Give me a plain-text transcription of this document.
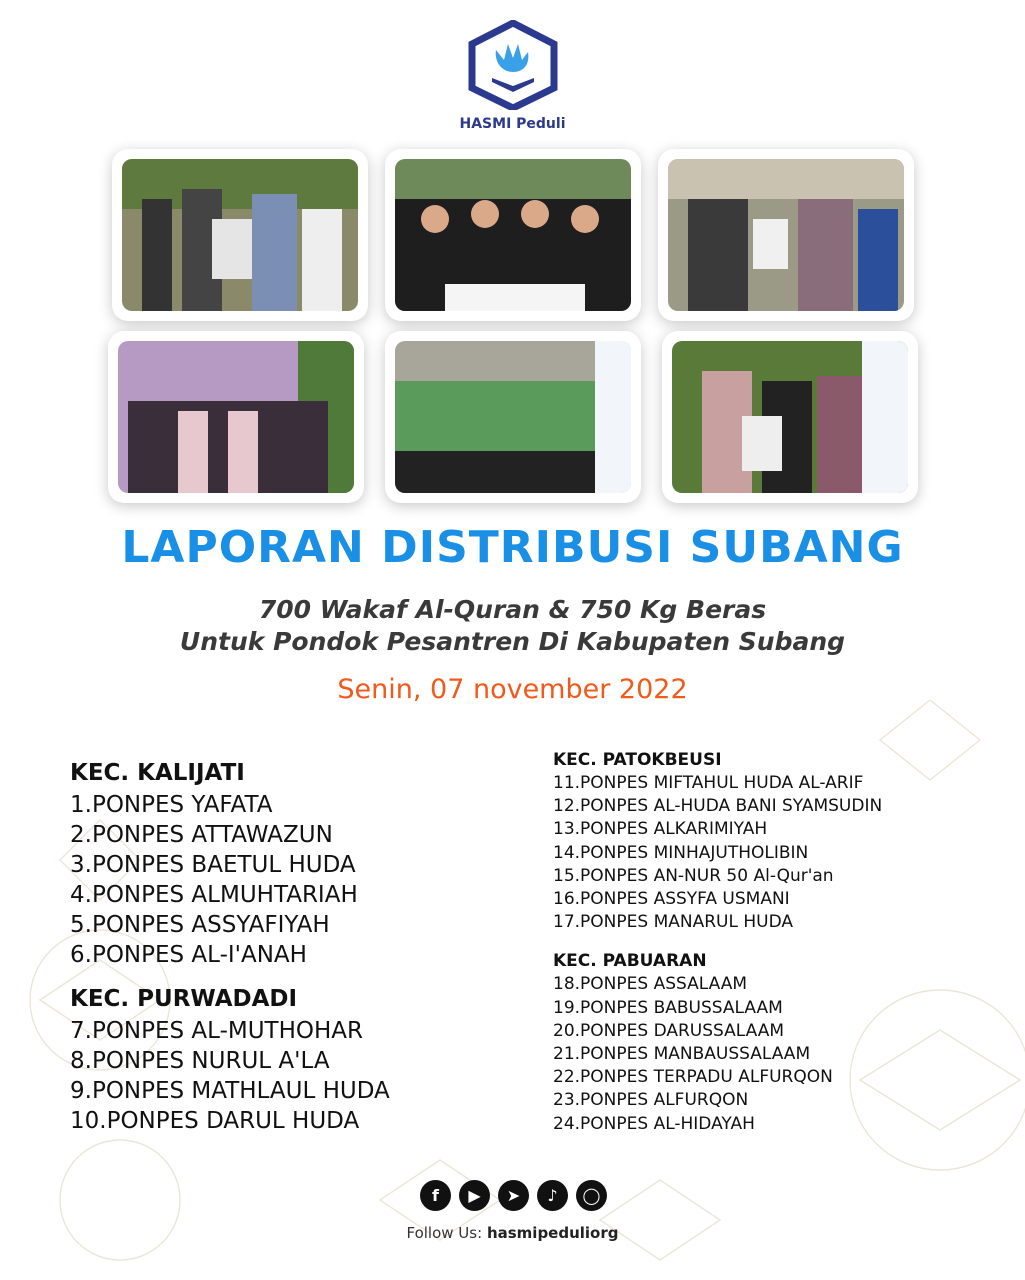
HASMI Peduli
LAPORAN DISTRIBUSI SUBANG
700 Wakaf Al-Quran & 750 Kg Beras
Untuk Pondok Pesantren Di Kabupaten Subang
Senin, 07 november 2022
KEC. KALIJATI
1.PONPES YAFATA
2.PONPES ATTAWAZUN
3.PONPES BAETUL HUDA
4.PONPES ALMUHTARIAH
5.PONPES ASSYAFIYAH
6.PONPES AL-I'ANAH
KEC. PURWADADI
7.PONPES AL-MUTHOHAR
8.PONPES NURUL A'LA
9.PONPES MATHLAUL HUDA
10.PONPES DARUL HUDA
KEC. PATOKBEUSI
11.PONPES MIFTAHUL HUDA AL-ARIF
12.PONPES AL-HUDA BANI SYAMSUDIN
13.PONPES ALKARIMIYAH
14.PONPES MINHAJUTHOLIBIN
15.PONPES AN-NUR 50 Al-Qur'an
16.PONPES ASSYFA USMANI
17.PONPES MANARUL HUDA
KEC. PABUARAN
18.PONPES ASSALAAM
19.PONPES BABUSSALAAM
20.PONPES DARUSSALAAM
21.PONPES MANBAUSSALAAM
22.PONPES TERPADU ALFURQON
23.PONPES ALFURQON
24.PONPES AL-HIDAYAH
f	▶	➤	♪	◯
Follow Us: hasmipeduliorg
